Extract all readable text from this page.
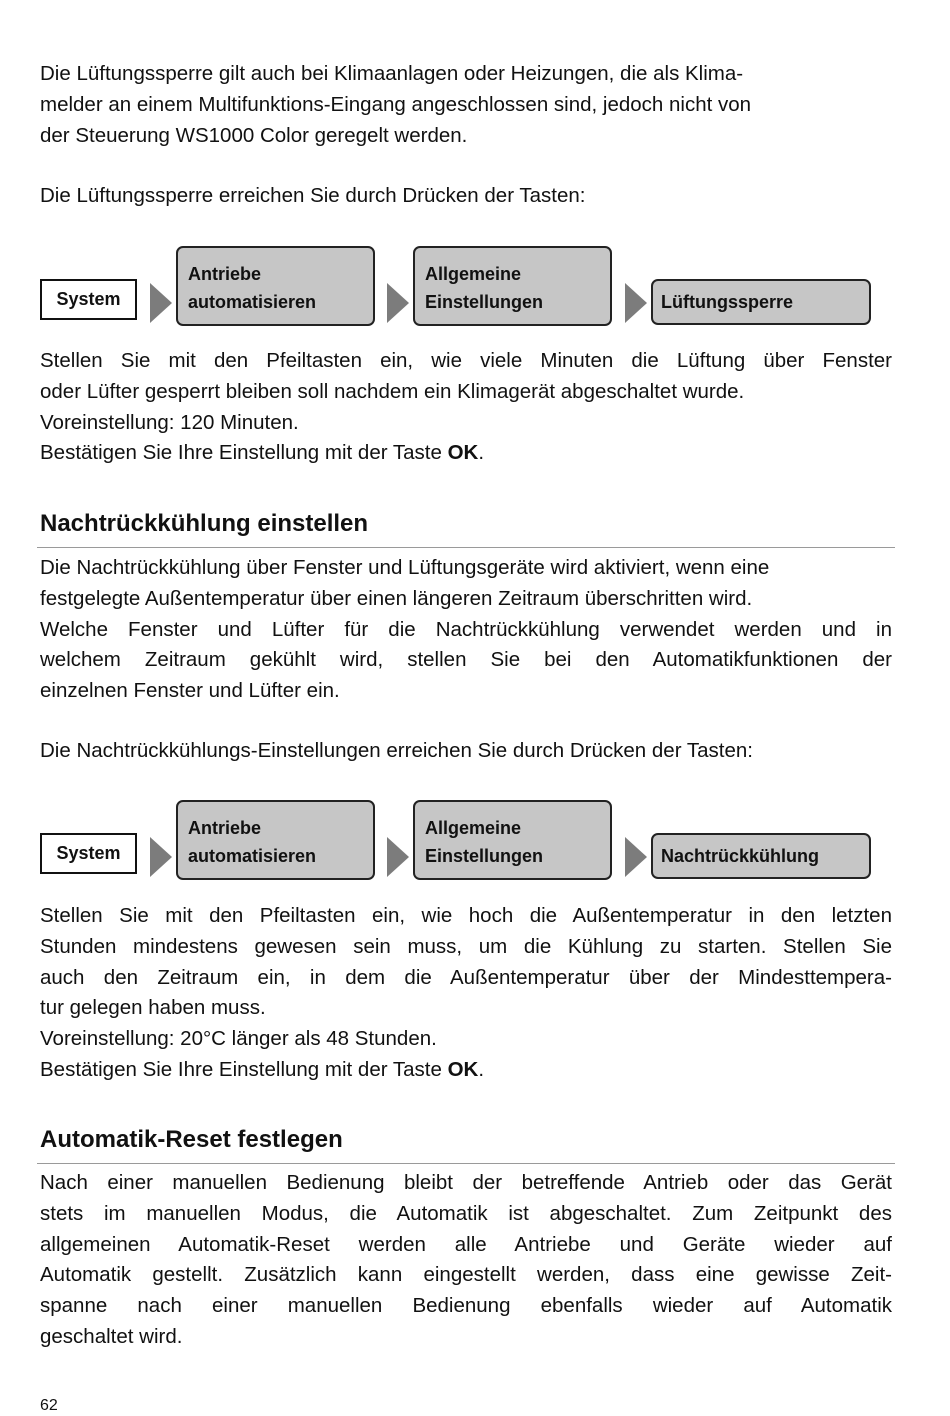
Die Lüftungssperre gilt auch bei Klimaanlagen oder Heizungen, die als Klima-
melder an einem Multifunktions-Eingang angeschlossen sind, jedoch nicht von
der Steuerung WS1000 Color geregelt werden.

Die Lüftungssperre erreichen Sie durch Drücken der Tasten:

System
Antriebe
automatisieren
Allgemeine
Einstellungen	Lüftungssperre
Stellen Sie mit den Pfeiltasten ein, wie viele Minuten die Lüftung über Fenster
oder Lüfter gesperrt bleiben soll nachdem ein Klimagerät abgeschaltet wurde.
Voreinstellung: 120 Minuten.
Bestätigen Sie Ihre Einstellung mit der Taste OK.
Nachtrückkühlung einstellen
Die Nachtrückkühlung über Fenster und Lüftungsgeräte wird aktiviert, wenn eine
festgelegte Außentemperatur über einen längeren Zeitraum überschritten wird.
Welche Fenster und Lüfter für die Nachtrückkühlung verwendet werden und in
welchem Zeitraum gekühlt wird, stellen Sie bei den Automatikfunktionen der
einzelnen Fenster und Lüfter ein.

Die Nachtrückkühlungs-Einstellungen erreichen Sie durch Drücken der Tasten:

System
Antriebe
automatisieren
Allgemeine
Einstellungen	Nachtrückkühlung
Stellen Sie mit den Pfeiltasten ein, wie hoch die Außentemperatur in den letzten
Stunden mindestens gewesen sein muss, um die Kühlung zu starten. Stellen Sie
auch den Zeitraum ein, in dem die Außentemperatur über der Mindesttempera-
tur gelegen haben muss.
Voreinstellung: 20°C länger als 48 Stunden.
Bestätigen Sie Ihre Einstellung mit der Taste OK.
Automatik-Reset festlegen
Nach einer manuellen Bedienung bleibt der betreffende Antrieb oder das Gerät
stets im manuellen Modus, die Automatik ist abgeschaltet. Zum Zeitpunkt des
allgemeinen Automatik-Reset werden alle Antriebe und Geräte wieder auf
Automatik gestellt. Zusätzlich kann eingestellt werden, dass eine gewisse Zeit-
spanne nach einer manuellen Bedienung ebenfalls wieder auf Automatik
geschaltet wird.

62
